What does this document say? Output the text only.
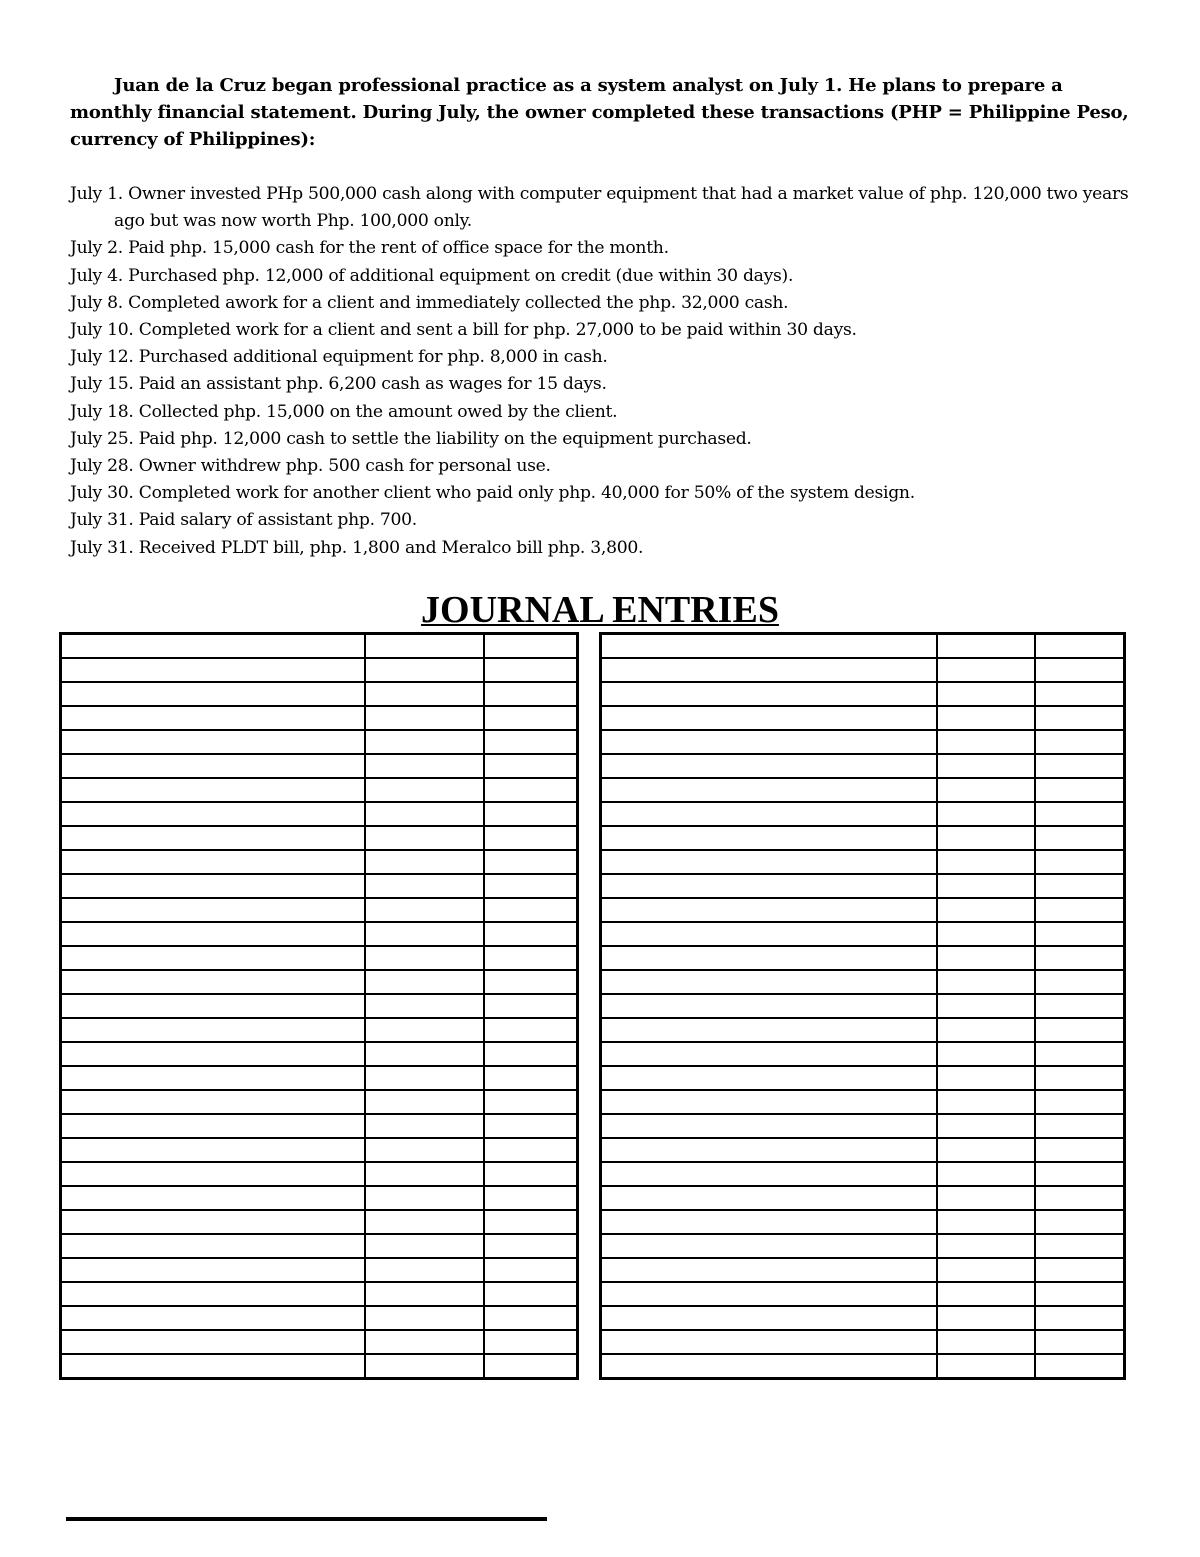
Juan de la Cruz began professional practice as a system analyst on July 1. He plans to prepare a monthly financial statement. During July, the owner completed these transactions (PHP = Philippine Peso, currency of Philippines):

July 1. Owner invested PHp 500,000 cash along with computer equipment that had a market value of php. 120,000 two years ago but was now worth Php. 100,000 only.
July 2. Paid php. 15,000 cash for the rent of office space for the month.
July 4. Purchased php. 12,000 of additional equipment on credit (due within 30 days).
July 8. Completed awork for a client and immediately collected the php. 32,000 cash.
July 10. Completed work for a client and sent a bill for php. 27,000 to be paid within 30 days.
July 12. Purchased additional equipment for php. 8,000 in cash.
July 15. Paid an assistant php. 6,200 cash as wages for 15 days.
July 18. Collected php. 15,000 on the amount owed by the client.
July 25. Paid php. 12,000 cash to settle the liability on the equipment purchased.
July 28. Owner withdrew php. 500 cash for personal use.
July 30. Completed work for another client who paid only php. 40,000 for 50% of the system design.
July 31. Paid salary of assistant php. 700.
July 31. Received PLDT bill, php. 1,800 and Meralco bill php. 3,800.
JOURNAL ENTRIES
